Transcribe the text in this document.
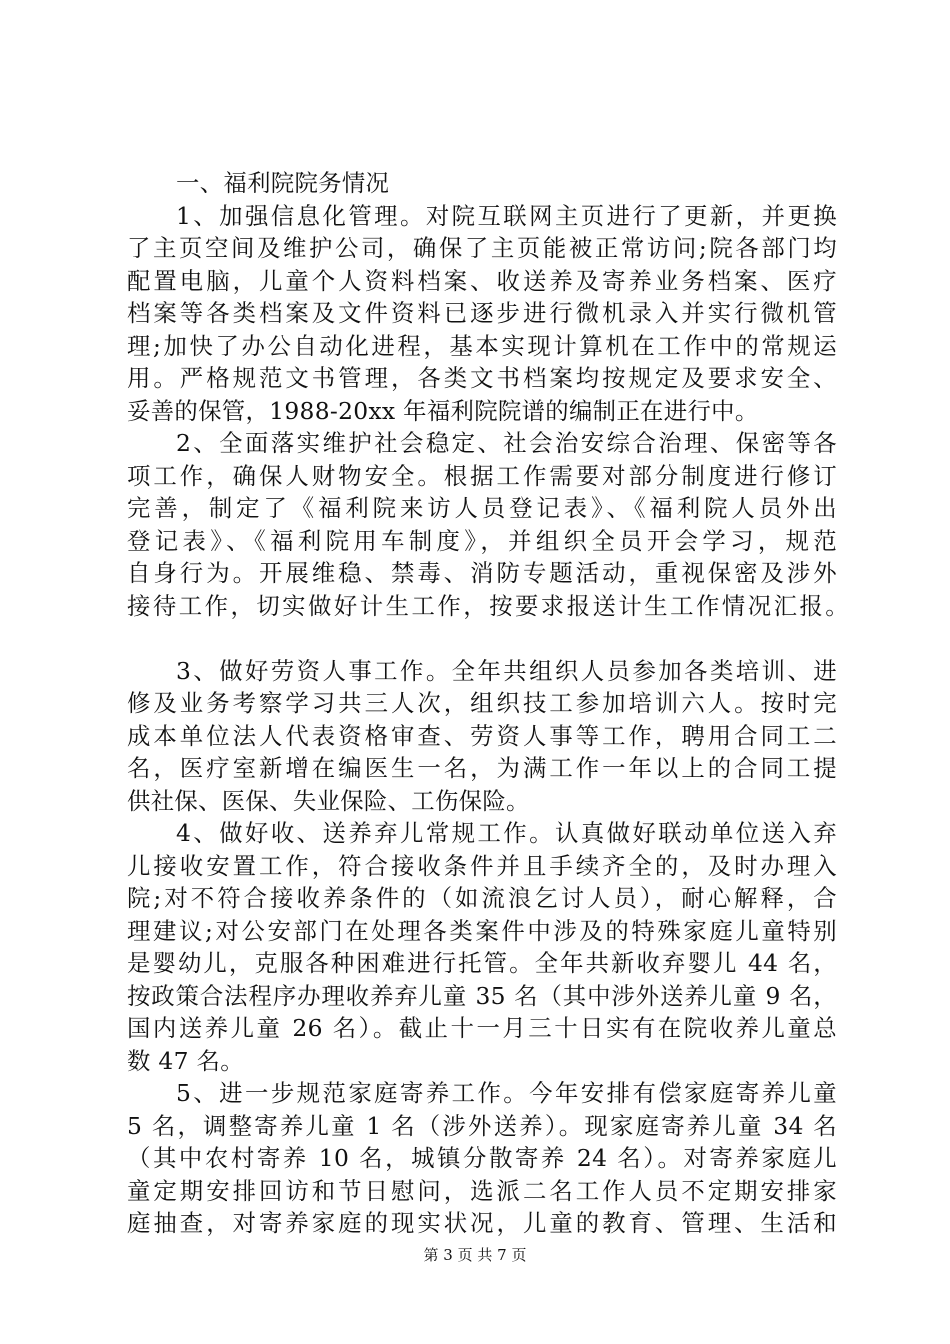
一、福利院院务情况
1、加强信息化管理。对院互联网主页进行了更新，并更换
了主页空间及维护公司，确保了主页能被正常访问;院各部门均
配置电脑，儿童个人资料档案、收送养及寄养业务档案、医疗
档案等各类档案及文件资料已逐步进行微机录入并实行微机管
理;加快了办公自动化进程，基本实现计算机在工作中的常规运
用。严格规范文书管理，各类文书档案均按规定及要求安全、
妥善的保管，1988-20xx 年福利院院谱的编制正在进行中。
2、全面落实维护社会稳定、社会治安综合治理、保密等各
项工作，确保人财物安全。根据工作需要对部分制度进行修订
完善，制定了《福利院来访人员登记表》、《福利院人员外出
登记表》、《福利院用车制度》，并组织全员开会学习，规范
自身行为。开展维稳、禁毒、消防专题活动，重视保密及涉外
接待工作，切实做好计生工作，按要求报送计生工作情况汇报。
3、做好劳资人事工作。全年共组织人员参加各类培训、进
修及业务考察学习共三人次，组织技工参加培训六人。按时完
成本单位法人代表资格审查、劳资人事等工作，聘用合同工二
名，医疗室新增在编医生一名，为满工作一年以上的合同工提
供社保、医保、失业保险、工伤保险。
4、做好收、送养弃儿常规工作。认真做好联动单位送入弃
儿接收安置工作，符合接收条件并且手续齐全的，及时办理入
院;对不符合接收养条件的（如流浪乞讨人员），耐心解释，合
理建议;对公安部门在处理各类案件中涉及的特殊家庭儿童特别
是婴幼儿，克服各种困难进行托管。全年共新收弃婴儿 44 名，
按政策合法程序办理收养弃儿童 35 名（其中涉外送养儿童 9 名，
国内送养儿童 26 名）。截止十一月三十日实有在院收养儿童总
数 47 名。
5、进一步规范家庭寄养工作。今年安排有偿家庭寄养儿童
5 名，调整寄养儿童 1 名（涉外送养）。现家庭寄养儿童 34 名
（其中农村寄养 10 名，城镇分散寄养 24 名）。对寄养家庭儿
童定期安排回访和节日慰问，选派二名工作人员不定期安排家
庭抽查，对寄养家庭的现实状况，儿童的教育、管理、生活和
第 3 页 共 7 页
